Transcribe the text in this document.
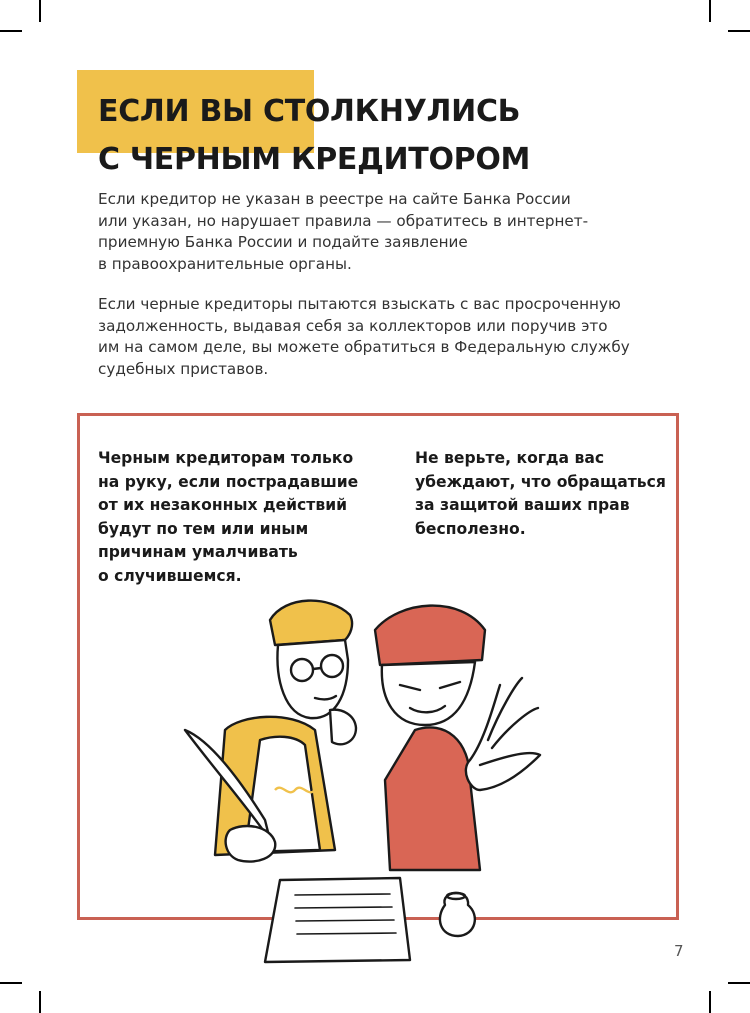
ЕСЛИ ВЫ СТОЛКНУЛИСЬ
С ЧЕРНЫМ КРЕДИТОРОМ

Если кредитор не указан в реестре на сайте Банка России
или указан, но нарушает правила — обратитесь в интернет-
приемную Банка России и подайте заявление
в правоохранительные органы.

Если черные кредиторы пытаются взыскать с вас просроченную
задолженность, выдавая себя за коллекторов или поручив это
им на самом деле, вы можете обратиться в Федеральную службу
судебных приставов.

Черным кредиторам только
на руку, если пострадавшие
от их незаконных действий
будут по тем или иным
причинам умалчивать
о случившемся.

Не верьте, когда вас
убеждают, что обращаться
за защитой ваших прав
бесполезно.

7
